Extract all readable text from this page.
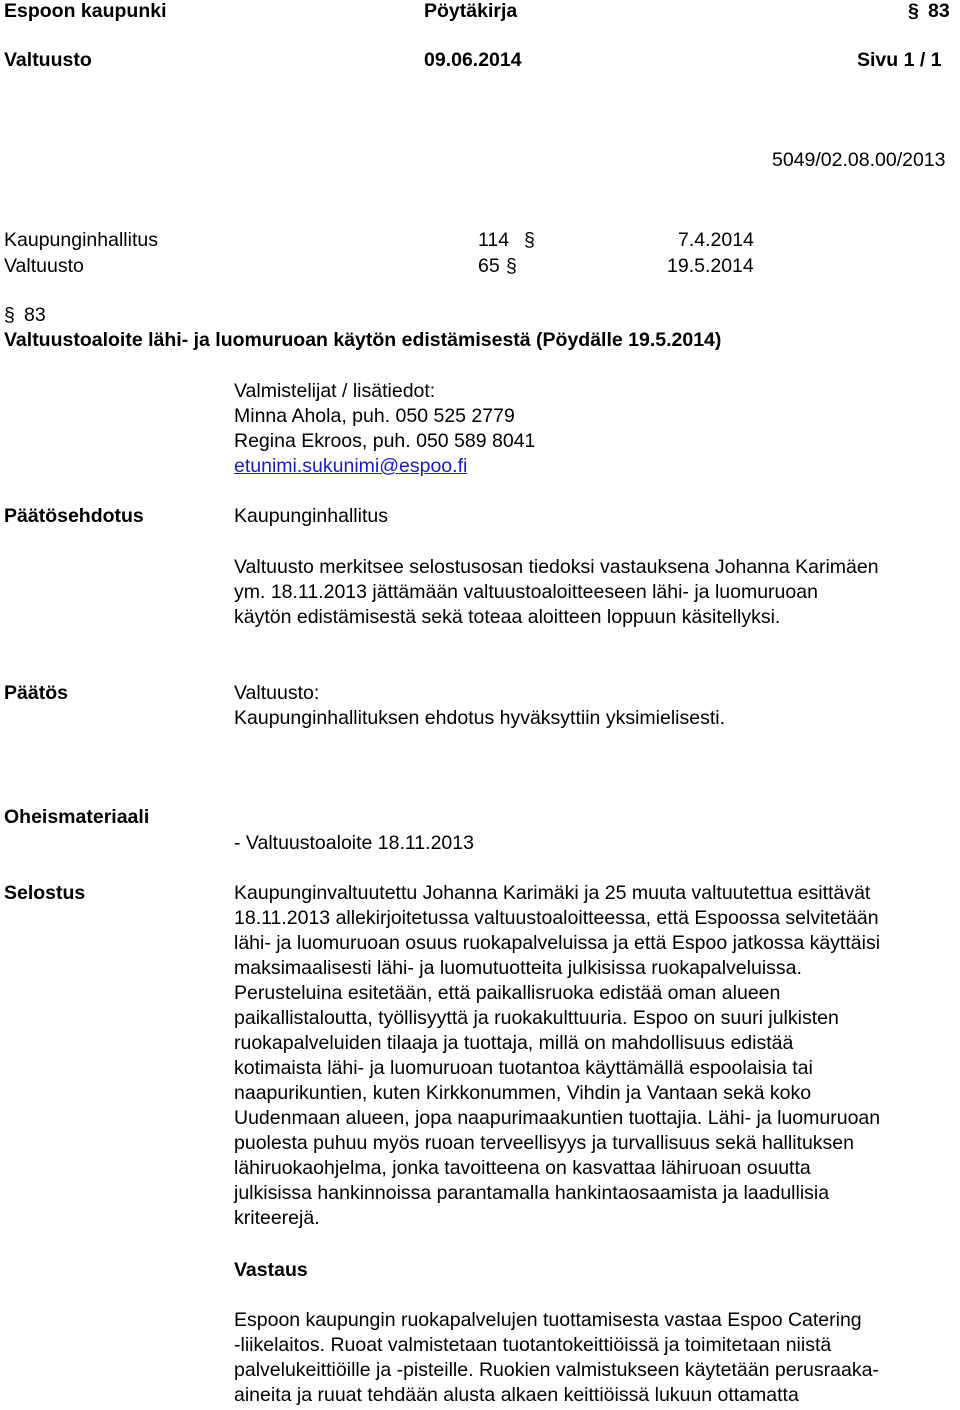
Espoon kaupunki	Pöytäkirja	§ 83
Valtuusto	09.06.2014	Sivu 1 / 1
5049/02.08.00/2013
Kaupunginhallitus	114 §	7.4.2014
Valtuusto	65 §	19.5.2014
§ 83
Valtuustoaloite lähi- ja luomuruoan käytön edistämisestä (Pöydälle 19.5.2014)
Valmistelijat / lisätiedot:
Minna Ahola, puh. 050 525 2779
Regina Ekroos, puh. 050 589 8041
etunimi.sukunimi@espoo.fi
Päätösehdotus	Kaupunginhallitus
Valtuusto merkitsee selostusosan tiedoksi vastauksena Johanna Karimäen
ym. 18.11.2013 jättämään valtuustoaloitteeseen lähi- ja luomuruoan
käytön edistämisestä sekä toteaa aloitteen loppuun käsitellyksi.
Päätös	Valtuusto:
Kaupunginhallituksen ehdotus hyväksyttiin yksimielisesti.
Oheismateriaali
- Valtuustoaloite 18.11.2013
Selostus	Kaupunginvaltuutettu Johanna Karimäki ja 25 muuta valtuutettua esittävät
18.11.2013 allekirjoitetussa valtuustoaloitteessa, että Espoossa selvitetään
lähi- ja luomuruoan osuus ruokapalveluissa ja että Espoo jatkossa käyttäisi
maksimaalisesti lähi- ja luomutuotteita julkisissa ruokapalveluissa.
Perusteluina esitetään, että paikallisruoka edistää oman alueen
paikallistaloutta, työllisyyttä ja ruokakulttuuria. Espoo on suuri julkisten
ruokapalveluiden tilaaja ja tuottaja, millä on mahdollisuus edistää
kotimaista lähi- ja luomuruoan tuotantoa käyttämällä espoolaisia tai
naapurikuntien, kuten Kirkkonummen, Vihdin ja Vantaan sekä koko
Uudenmaan alueen, jopa naapurimaakuntien tuottajia. Lähi- ja luomuruoan
puolesta puhuu myös ruoan terveellisyys ja turvallisuus sekä hallituksen
lähiruokaohjelma, jonka tavoitteena on kasvattaa lähiruoan osuutta
julkisissa hankinnoissa parantamalla hankintaosaamista ja laadullisia
kriteerejä.
Vastaus
Espoon kaupungin ruokapalvelujen tuottamisesta vastaa Espoo Catering
-liikelaitos. Ruoat valmistetaan tuotantokeittiöissä ja toimitetaan niistä
palvelukeittiöille ja -pisteille. Ruokien valmistukseen käytetään perusraaka-
aineita ja ruuat tehdään alusta alkaen keittiöissä lukuun ottamatta
